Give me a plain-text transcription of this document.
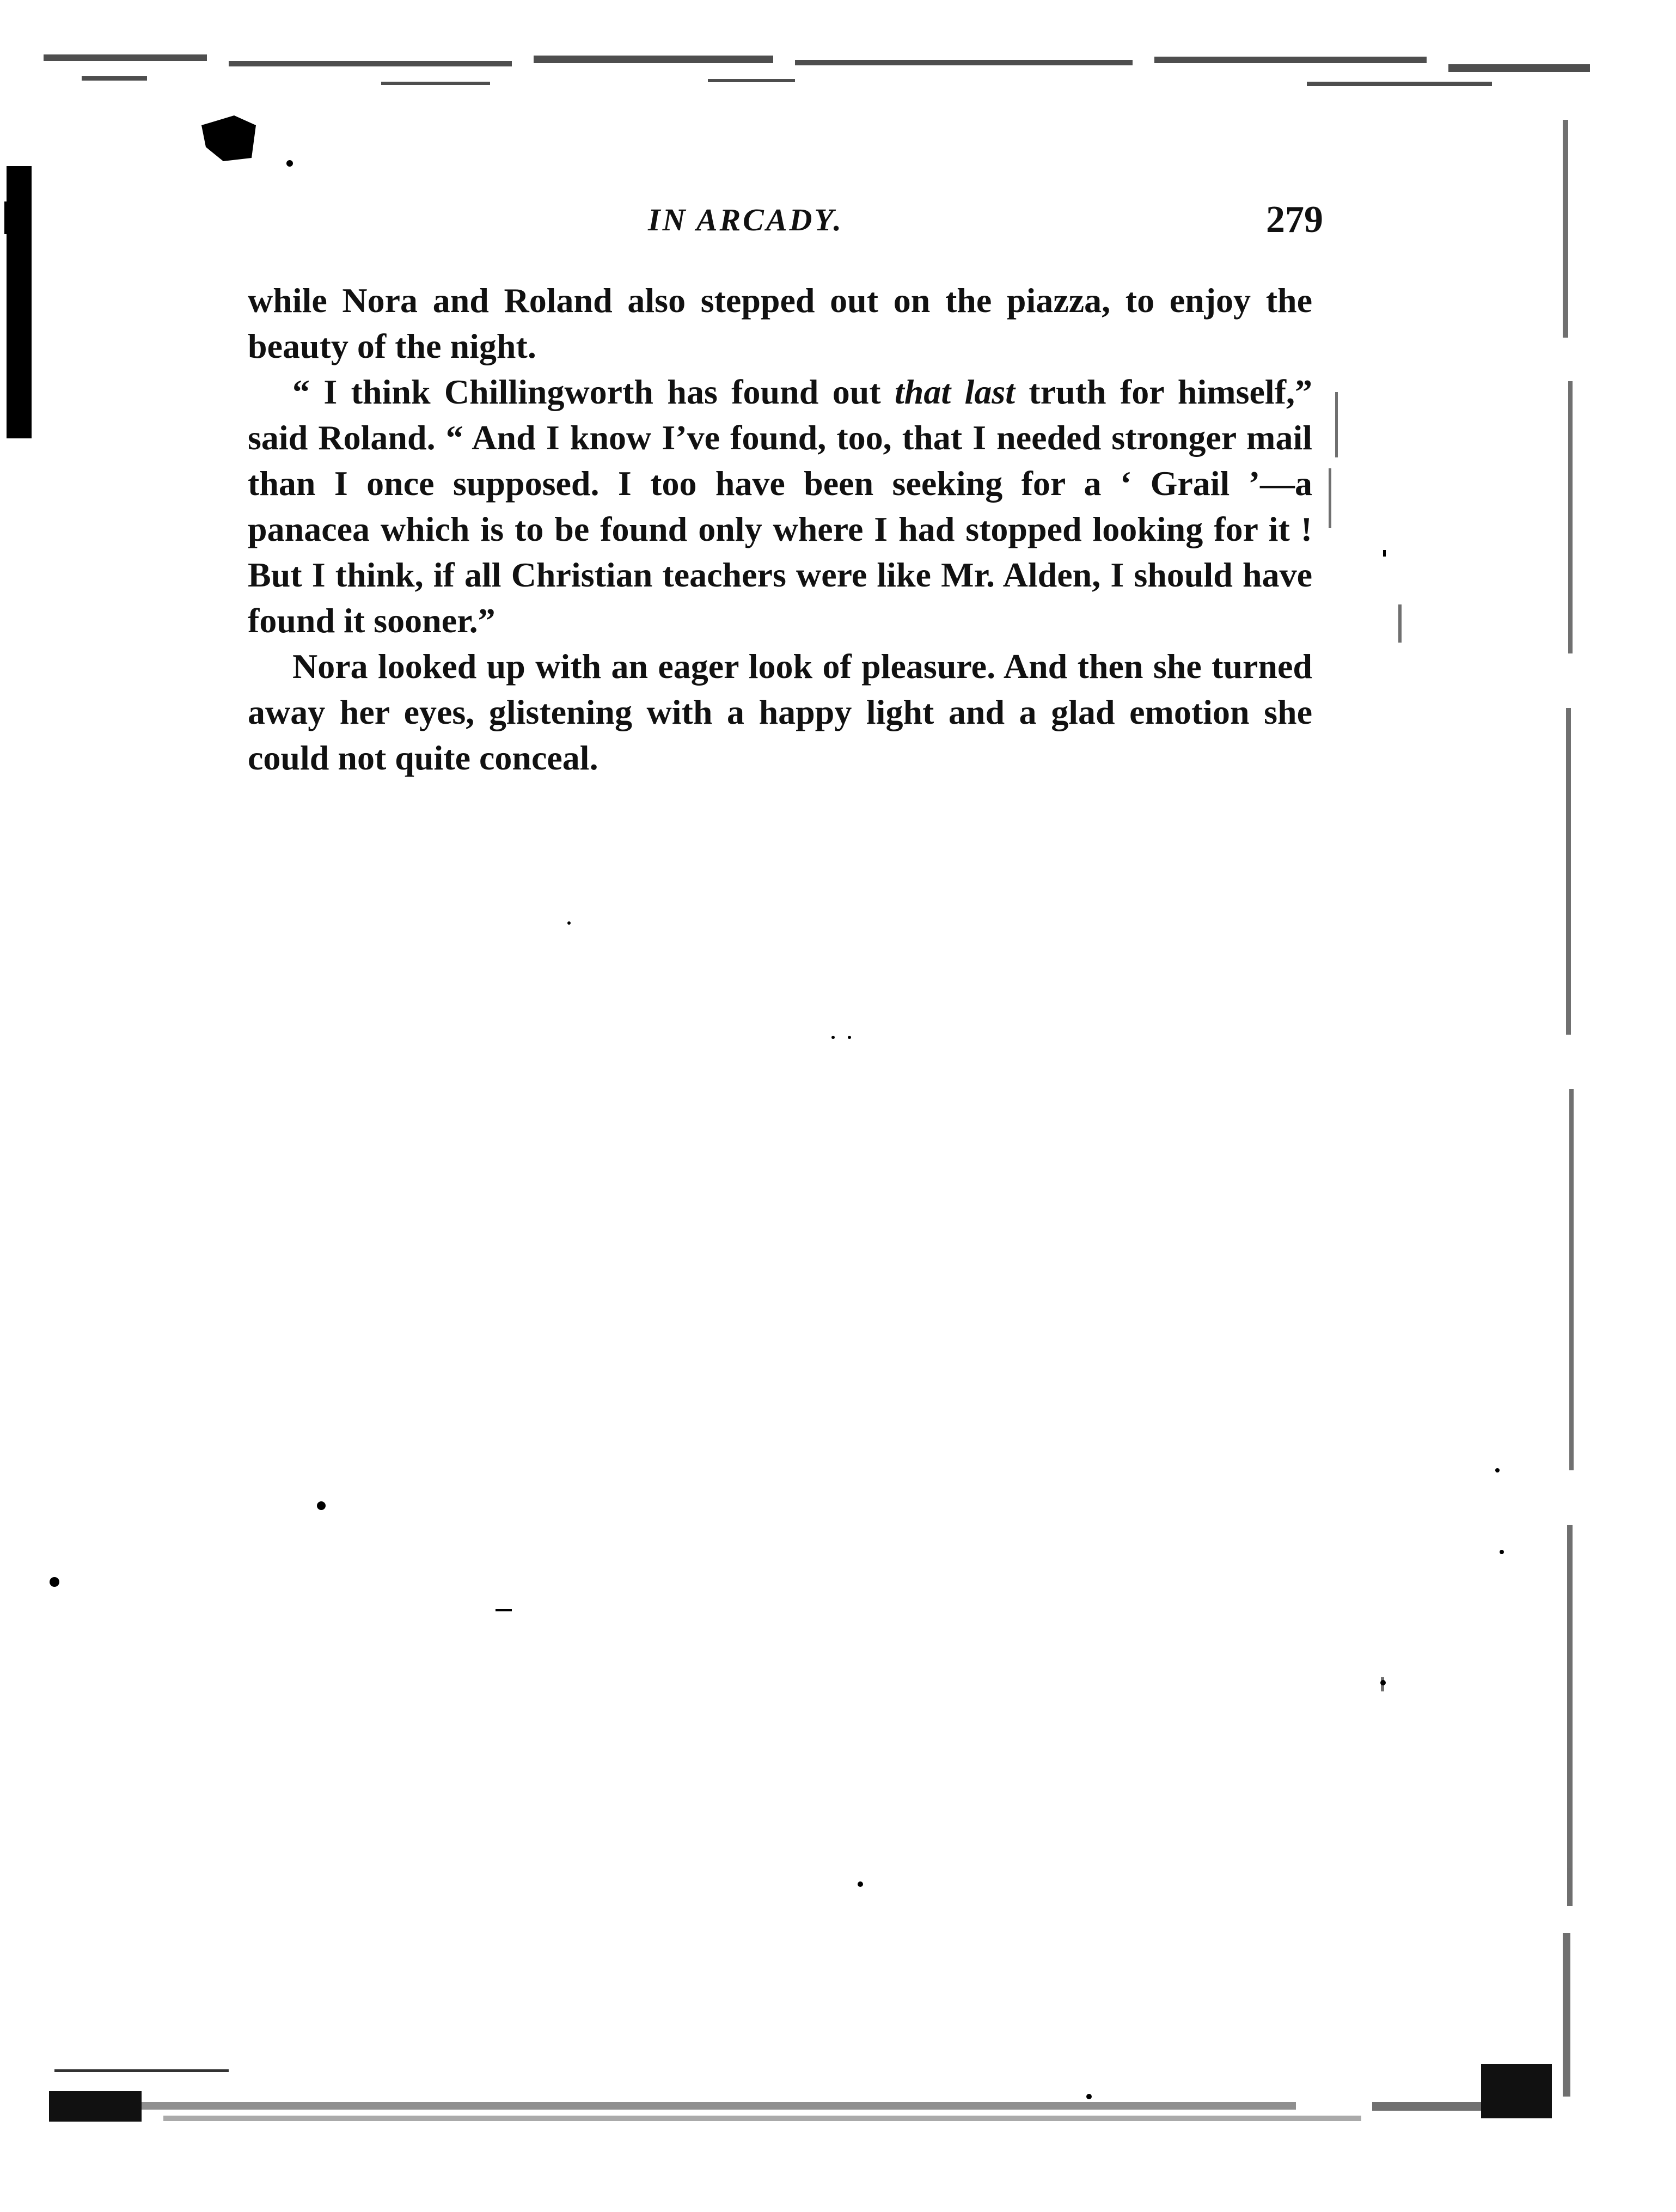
IN ARCADY.	279

while Nora and Roland also stepped out on the piazza, to enjoy the beauty of the night.

“ I think Chillingworth has found out that last truth for himself,” said Roland. “ And I know I’ve found, too, that I needed stronger mail than I once supposed. I too have been seeking for a ‘ Grail ’—a panacea which is to be found only where I had stopped looking for it ! But I think, if all Christian teachers were like Mr. Alden, I should have found it sooner.”

Nora looked up with an eager look of pleasure. And then she turned away her eyes, glistening with a happy light and a glad emotion she could not quite conceal.
